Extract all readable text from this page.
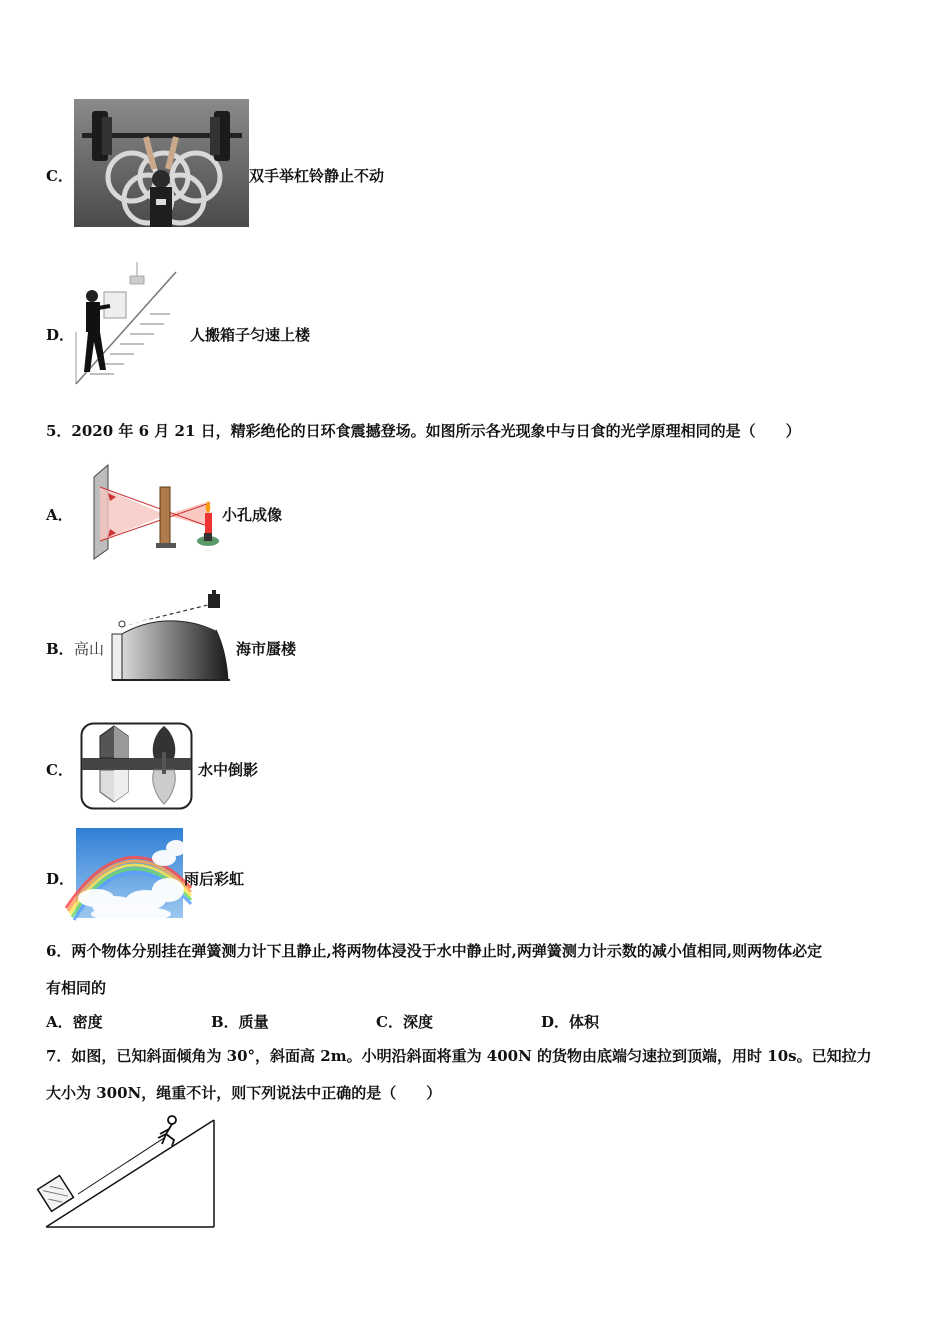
C．	双手举杠铃静止不动
D．	人搬箱子匀速上楼
5．2020 年 6 月 21 日，精彩绝伦的日环食震撼登场。如图所示各光现象中与日食的光学原理相同的是（　　）
A．	小孔成像
B． 高山	海市蜃楼
C．	水中倒影
D．	雨后彩虹
6．两个物体分别挂在弹簧测力计下且静止,将两物体浸没于水中静止时,两弹簧测力计示数的减小值相同,则两物体必定
有相同的
A．密度	B．质量	C．深度	D．体积
7．如图，已知斜面倾角为 30°，斜面高 2m。小明沿斜面将重为 400N 的货物由底端匀速拉到顶端，用时 10s。已知拉力
大小为 300N，绳重不计，则下列说法中正确的是（　　）
